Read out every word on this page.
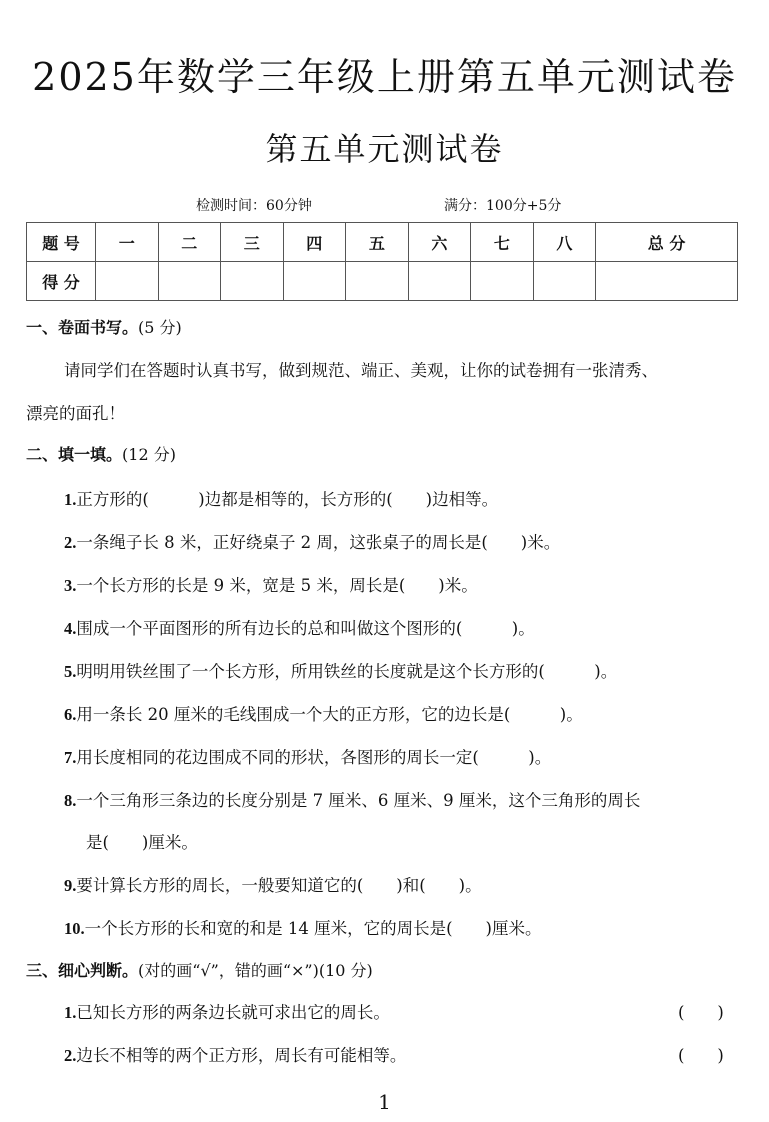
2025年数学三年级上册第五单元测试卷
第五单元测试卷
检测时间：60分钟	满分：100分+5分
题 号	一	二	三	四	五	六	七	八	总 分
得 分									
一、卷面书写。(5 分)
请同学们在答题时认真书写，做到规范、端正、美观，让你的试卷拥有一张清秀、
漂亮的面孔！
二、填一填。(12 分)
1.正方形的(　　　)边都是相等的，长方形的(　　)边相等。
2.一条绳子长 8 米，正好绕桌子 2 周，这张桌子的周长是(　　)米。
3.一个长方形的长是 9 米，宽是 5 米，周长是(　　)米。
4.围成一个平面图形的所有边长的总和叫做这个图形的(　　　)。
5.明明用铁丝围了一个长方形，所用铁丝的长度就是这个长方形的(　　　)。
6.用一条长 20 厘米的毛线围成一个大的正方形，它的边长是(　　　)。
7.用长度相同的花边围成不同的形状，各图形的周长一定(　　　)。
8.一个三角形三条边的长度分别是 7 厘米、6 厘米、9 厘米，这个三角形的周长
是(　　)厘米。
9.要计算长方形的周长，一般要知道它的(　　)和(　　)。
10.一个长方形的长和宽的和是 14 厘米，它的周长是(　　)厘米。
三、细心判断。(对的画“√”，错的画“×”)(10 分)
1.已知长方形的两条边长就可求出它的周长。	(　　)
2.边长不相等的两个正方形，周长有可能相等。	(　　)
1
